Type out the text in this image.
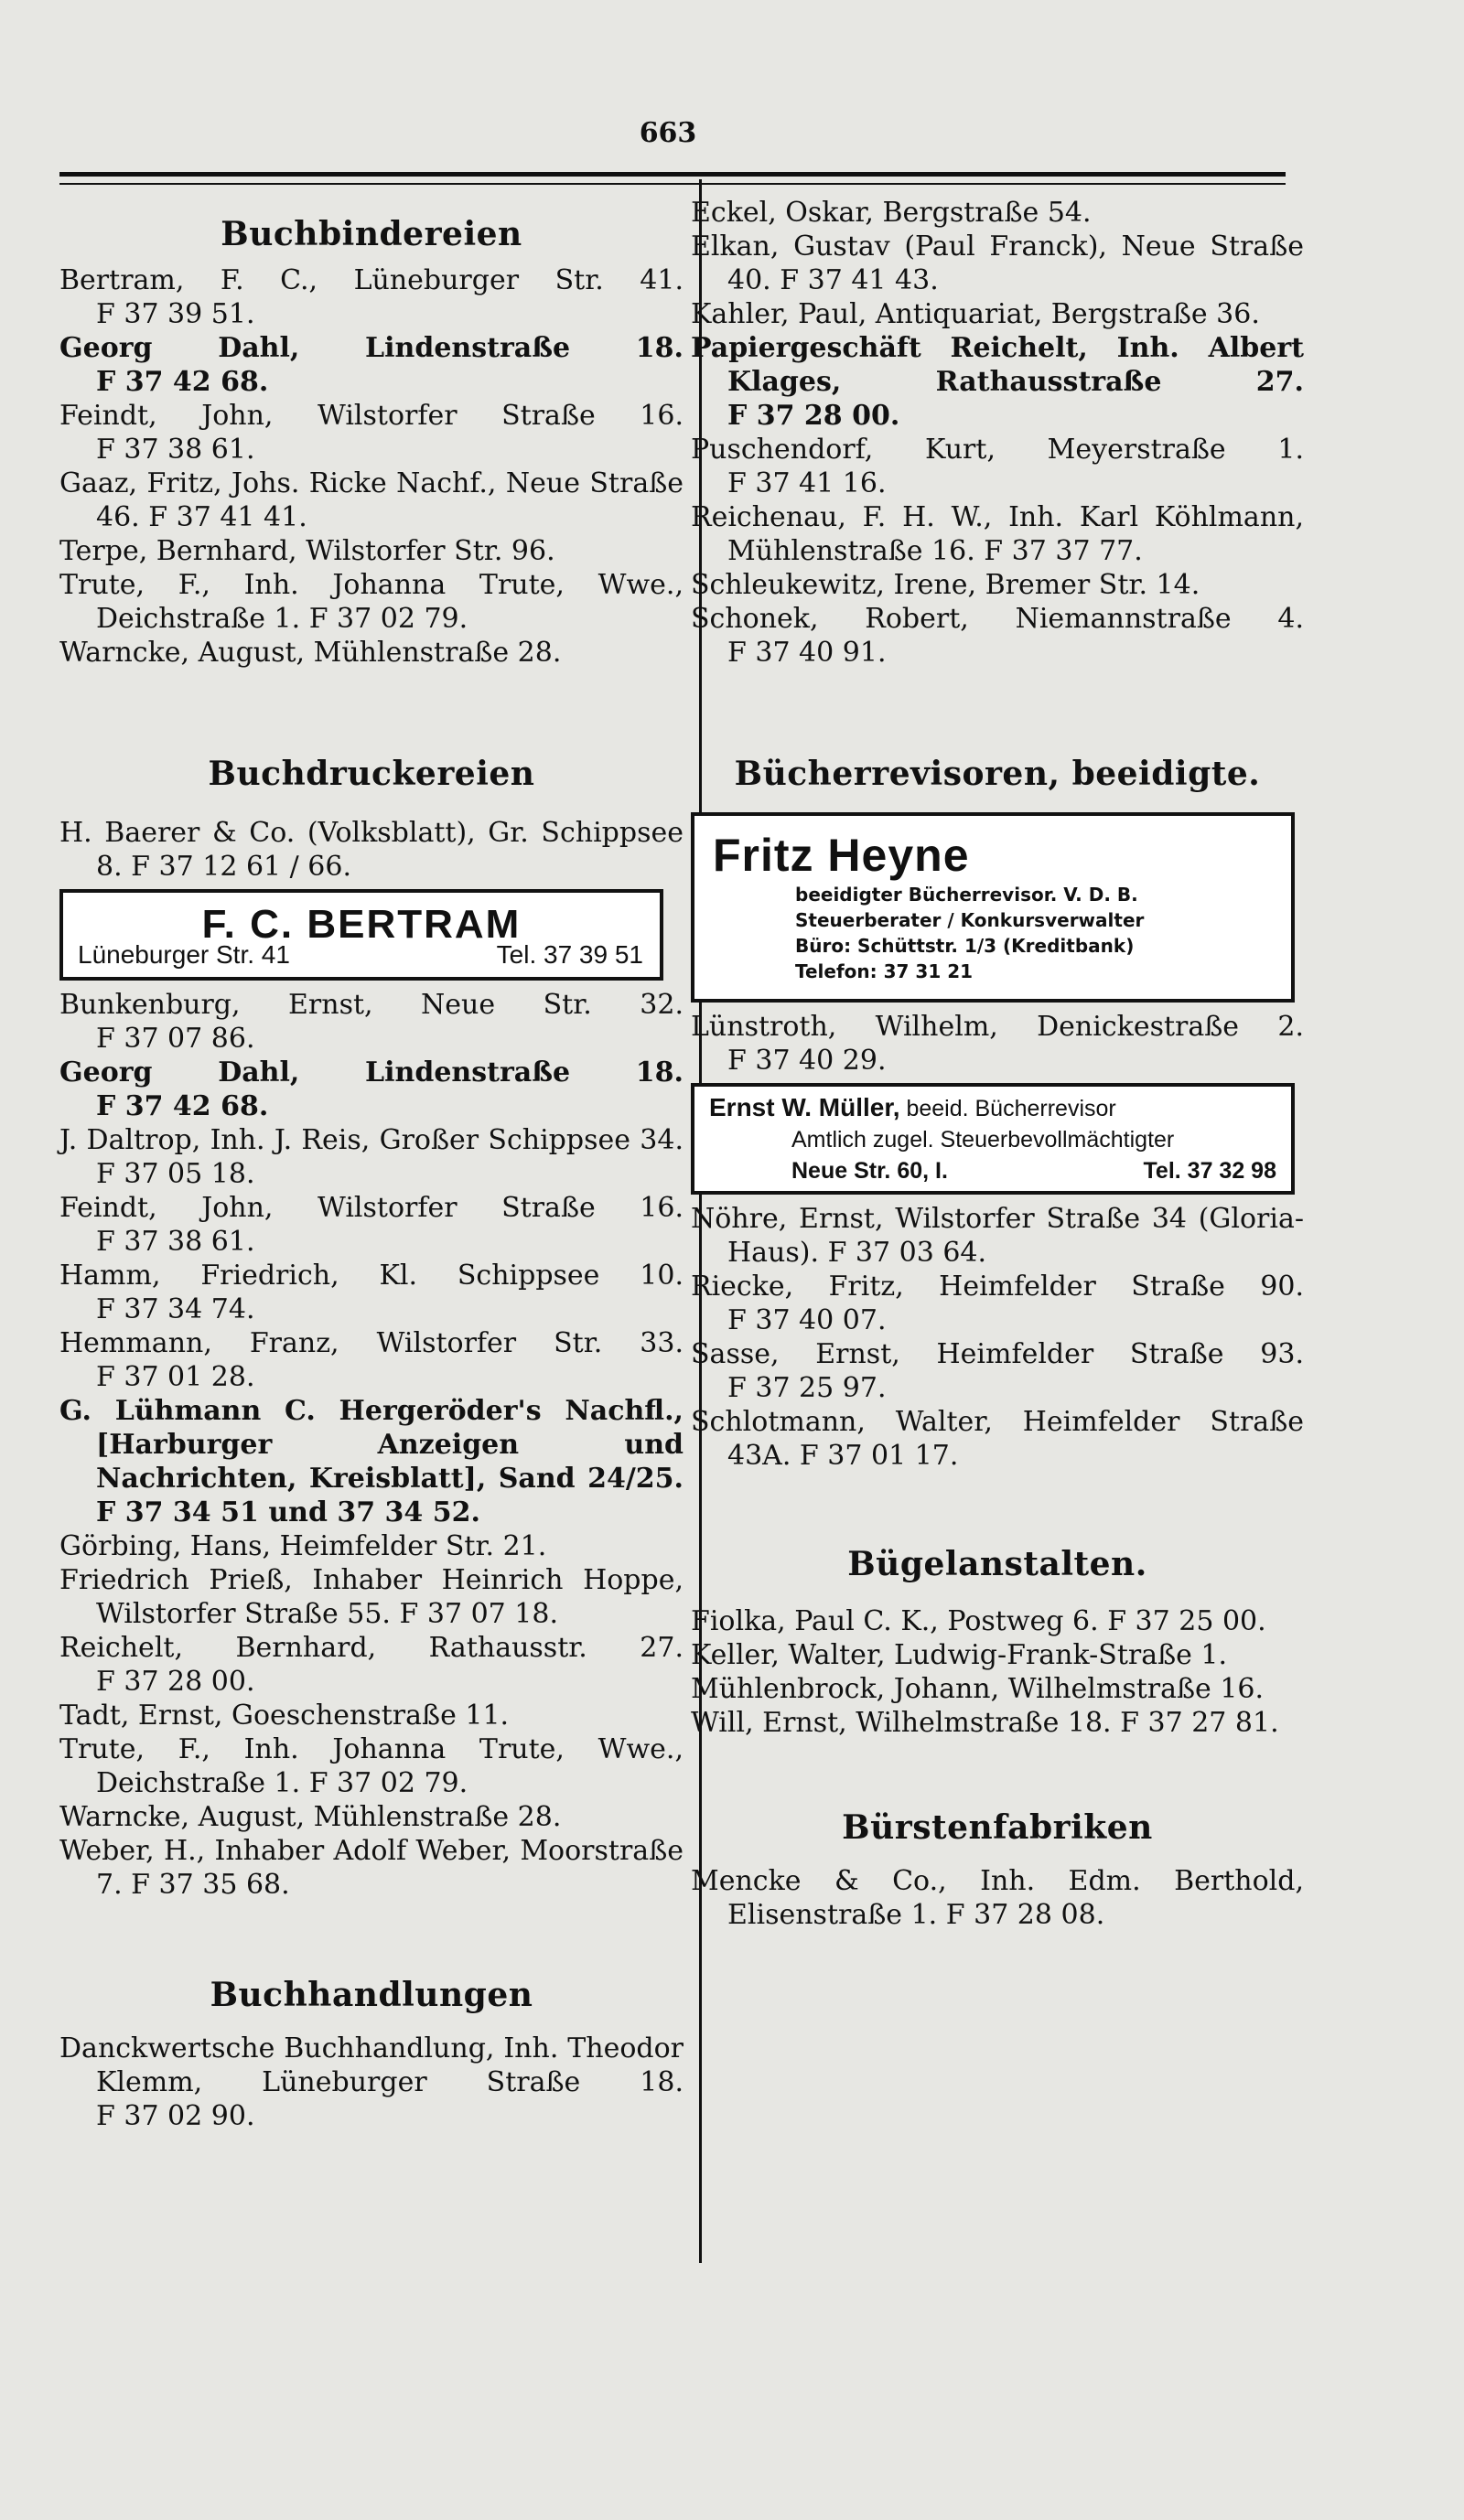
663
Buchbindereien
Bertram, F. C., Lüneburger Str. 41. F 37 39 51.
Georg Dahl, Lindenstraße 18. F 37 42 68.
Feindt, John, Wilstorfer Straße 16. F 37 38 61.
Gaaz, Fritz, Johs. Ricke Nachf., Neue Straße 46. F 37 41 41.
Terpe, Bernhard, Wilstorfer Str. 96.
Trute, F., Inh. Johanna Trute, Wwe., Deichstraße 1. F 37 02 79.
Warncke, August, Mühlenstraße 28.
Buchdruckereien
H. Baerer & Co. (Volksblatt), Gr. Schippsee 8. F 37 12 61 / 66.
F. C. BERTRAM
Lüneburger Str. 41	Tel. 37 39 51
Bunkenburg, Ernst, Neue Str. 32. F 37 07 86.
Georg Dahl, Lindenstraße 18. F 37 42 68.
J. Daltrop, Inh. J. Reis, Großer Schippsee 34. F 37 05 18.
Feindt, John, Wilstorfer Straße 16. F 37 38 61.
Hamm, Friedrich, Kl. Schippsee 10. F 37 34 74.
Hemmann, Franz, Wilstorfer Str. 33. F 37 01 28.
G. Lühmann C. Hergeröder's Nachfl., [Harburger Anzeigen und Nachrichten, Kreisblatt], Sand 24/25. F 37 34 51 und 37 34 52.
Görbing, Hans, Heimfelder Str. 21.
Friedrich Prieß, Inhaber Heinrich Hoppe, Wilstorfer Straße 55. F 37 07 18.
Reichelt, Bernhard, Rathausstr. 27. F 37 28 00.
Tadt, Ernst, Goeschenstraße 11.
Trute, F., Inh. Johanna Trute, Wwe., Deichstraße 1. F 37 02 79.
Warncke, August, Mühlenstraße 28.
Weber, H., Inhaber Adolf Weber, Moorstraße 7. F 37 35 68.
Buchhandlungen
Danckwertsche Buchhandlung, Inh. Theodor Klemm, Lüneburger Straße 18. F 37 02 90.
Eckel, Oskar, Bergstraße 54.
Elkan, Gustav (Paul Franck), Neue Straße 40. F 37 41 43.
Kahler, Paul, Antiquariat, Bergstraße 36.
Papiergeschäft Reichelt, Inh. Albert Klages, Rathausstraße 27. F 37 28 00.
Puschendorf, Kurt, Meyerstraße 1. F 37 41 16.
Reichenau, F. H. W., Inh. Karl Köhlmann, Mühlenstraße 16. F 37 37 77.
Schleukewitz, Irene, Bremer Str. 14.
Schonek, Robert, Niemannstraße 4. F 37 40 91.
Bücherrevisoren, beeidigte.
Fritz Heyne
beeidigter Bücherrevisor. V. D. B.
Steuerberater / Konkursverwalter
Büro: Schüttstr. 1/3 (Kreditbank)
Telefon: 37 31 21
Lünstroth, Wilhelm, Denickestraße 2. F 37 40 29.
Ernst W. Müller, beeid. Bücherrevisor
Amtlich zugel. Steuerbevollmächtigter
Neue Str. 60, I.	Tel. 37 32 98
Nöhre, Ernst, Wilstorfer Straße 34 (Gloria-Haus). F 37 03 64.
Riecke, Fritz, Heimfelder Straße 90. F 37 40 07.
Sasse, Ernst, Heimfelder Straße 93. F 37 25 97.
Schlotmann, Walter, Heimfelder Straße 43A. F 37 01 17.
Bügelanstalten.
Fiolka, Paul C. K., Postweg 6. F 37 25 00.
Keller, Walter, Ludwig-Frank-Straße 1.
Mühlenbrock, Johann, Wilhelmstraße 16.
Will, Ernst, Wilhelmstraße 18. F 37 27 81.
Bürstenfabriken
Mencke & Co., Inh. Edm. Berthold, Elisenstraße 1. F 37 28 08.
